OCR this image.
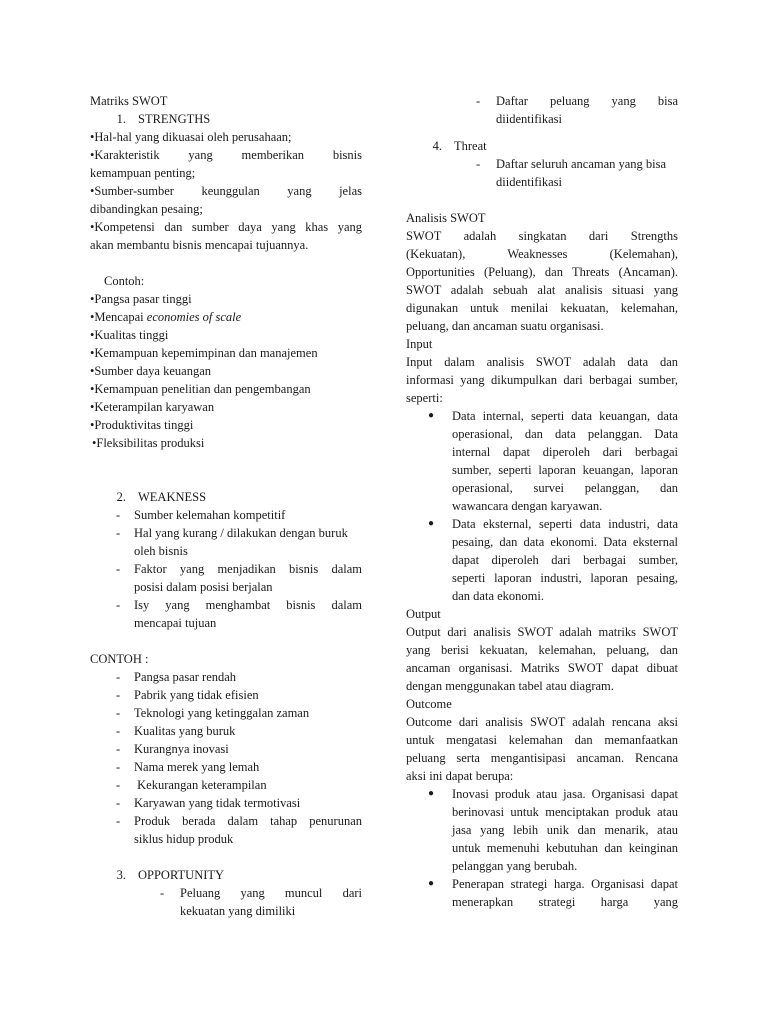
Matriks SWOT
1. STRENGTHS
•Hal-hal yang dikuasai oleh perusahaan;
•Karakteristik yang memberikan bisnis
kemampuan penting;
•Sumber-sumber keunggulan yang jelas
dibandingkan pesaing;
•Kompetensi dan sumber daya yang khas yang
akan membantu bisnis mencapai tujuannya.
Contoh:
•Pangsa pasar tinggi
•Mencapai economies of scale
•Kualitas tinggi
•Kemampuan kepemimpinan dan manajemen
•Sumber daya keuangan
•Kemampuan penelitian dan pengembangan
•Keterampilan karyawan
•Produktivitas tinggi
•Fleksibilitas produksi
2. WEAKNESS
-	Sumber kelemahan kompetitif
-	Hal yang kurang / dilakukan dengan buruk
oleh bisnis
-	Faktor yang menjadikan bisnis dalam
posisi dalam posisi berjalan
-	Isy yang menghambat bisnis dalam
mencapai tujuan
CONTOH :
-	Pangsa pasar rendah
-	Pabrik yang tidak efisien
-	Teknologi yang ketinggalan zaman
-	Kualitas yang buruk
-	Kurangnya inovasi
-	Nama merek yang lemah
-	Kekurangan keterampilan
-	Karyawan yang tidak termotivasi
-	Produk berada dalam tahap penurunan
siklus hidup produk
3. OPPORTUNITY
-	Peluang yang muncul dari
kekuatan yang dimiliki
-	Daftar peluang yang bisa
diidentifikasi
4. Threat
-	Daftar seluruh ancaman yang bisa
diidentifikasi
Analisis SWOT
SWOT adalah singkatan dari Strengths
(Kekuatan), Weaknesses (Kelemahan),
Opportunities (Peluang), dan Threats (Ancaman).
SWOT adalah sebuah alat analisis situasi yang
digunakan untuk menilai kekuatan, kelemahan,
peluang, dan ancaman suatu organisasi.
Input
Input dalam analisis SWOT adalah data dan
informasi yang dikumpulkan dari berbagai sumber,
seperti:
●	Data internal, seperti data keuangan, data
operasional, dan data pelanggan. Data
internal dapat diperoleh dari berbagai
sumber, seperti laporan keuangan, laporan
operasional, survei pelanggan, dan
wawancara dengan karyawan.
●	Data eksternal, seperti data industri, data
pesaing, dan data ekonomi. Data eksternal
dapat diperoleh dari berbagai sumber,
seperti laporan industri, laporan pesaing,
dan data ekonomi.
Output
Output dari analisis SWOT adalah matriks SWOT
yang berisi kekuatan, kelemahan, peluang, dan
ancaman organisasi. Matriks SWOT dapat dibuat
dengan menggunakan tabel atau diagram.
Outcome
Outcome dari analisis SWOT adalah rencana aksi
untuk mengatasi kelemahan dan memanfaatkan
peluang serta mengantisipasi ancaman. Rencana
aksi ini dapat berupa:
●	Inovasi produk atau jasa. Organisasi dapat
berinovasi untuk menciptakan produk atau
jasa yang lebih unik dan menarik, atau
untuk memenuhi kebutuhan dan keinginan
pelanggan yang berubah.
●	Penerapan strategi harga. Organisasi dapat
menerapkan strategi harga yang
